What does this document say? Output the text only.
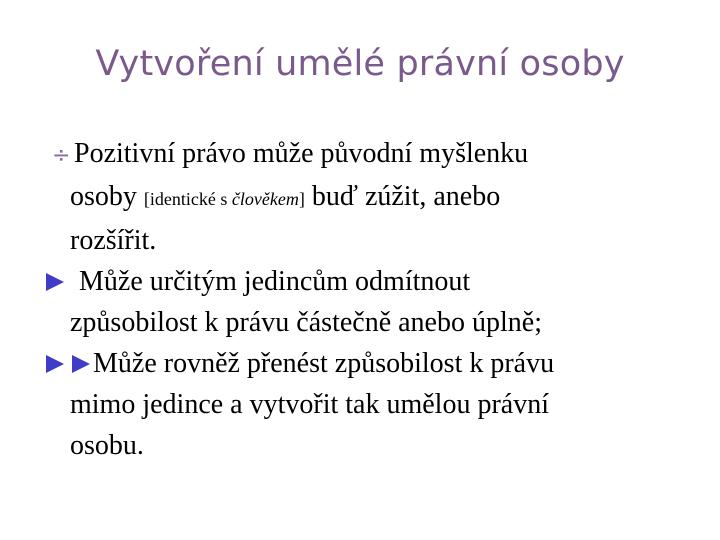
Vytvoření umělé právní osoby
÷ Pozitivní právo může původní myšlenku
osoby [identické s člověkem] buď zúžit, anebo
rozšířit.
Může určitým jedincům odmítnout
způsobilost k právu částečně anebo úplně;
Může rovněž přenést způsobilost k právu
mimo jedince a vytvořit tak umělou právní
osobu.
